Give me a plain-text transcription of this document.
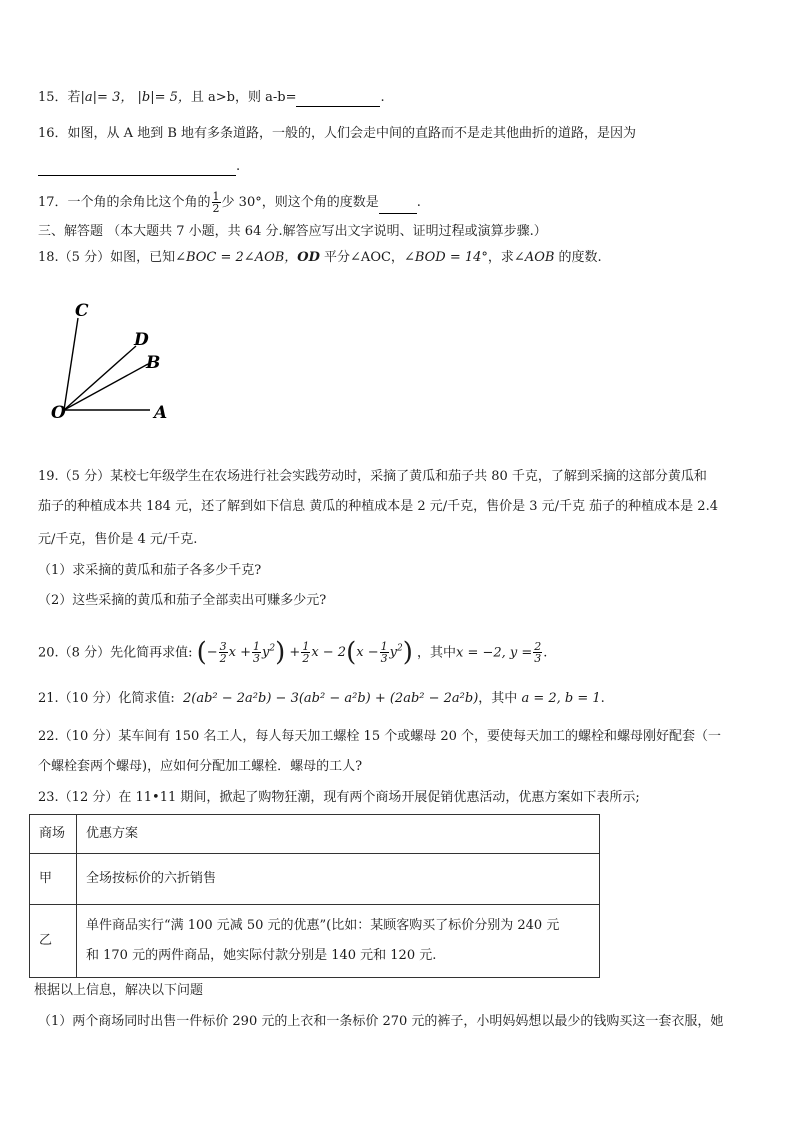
15．若|a|= 3， |b|= 5，且 a>b，则 a-b=	.
16．如图，从 A 地到 B 地有多条道路，一般的，人们会走中间的直路而不是走其他曲折的道路，是因为
.
17．一个角的余角比这个角的 $\frac{1}{2}$ 少 30°，则这个角的度数是	.
三、解答题 （本大题共 7 小题，共 64 分.解答应写出文字说明、证明过程或演算步骤.）
18.（5 分）如图，已知∠BOC = 2∠AOB，OD 平分∠AOC，∠BOD = 14°，求∠AOB 的度数.
C
D
B
O	A
19.（5 分）某校七年级学生在农场进行社会实践劳动时，采摘了黄瓜和茄子共 80 千克，了解到采摘的这部分黄瓜和
茄子的种植成本共 184 元，还了解到如下信息 黄瓜的种植成本是 2 元/千克，售价是 3 元/千克 茄子的种植成本是 2.4
元/千克，售价是 4 元/千克.
（1）求采摘的黄瓜和茄子各多少千克?
（2）这些采摘的黄瓜和茄子全部卖出可赚多少元?
20.（8 分）先化简再求值: (− $\frac{3}{2}$ $x + \frac{1}{3} y^2) + \frac{1}{2}$ $x - 2(x - \frac{1}{3} y^2)$ ，其中x = −2, $y = \frac{2}{3}$ .
21.（10 分）化简求值: 2(ab² − 2a²b) − 3(ab² − a²b) + (2ab² − 2a²b)，其中 a = 2, b = 1.
22.（10 分）某车间有 150 名工人，每人每天加工螺栓 15 个或螺母 20 个，要使每天加工的螺栓和螺母刚好配套（一
个螺栓套两个螺母)，应如何分配加工螺栓．螺母的工人?
23.（12 分）在 11•11 期间，掀起了购物狂潮，现有两个商场开展促销优惠活动，优惠方案如下表所示;
商场	优惠方案
甲	全场按标价的六折销售
乙	单件商品实行“满 100 元减 50 元的优惠”(比如：某顾客购买了标价分别为 240 元
和 170 元的两件商品，她实际付款分别是 140 元和 120 元.
根据以上信息，解决以下问题
（1）两个商场同时出售一件标价 290 元的上衣和一条标价 270 元的裤子，小明妈妈想以最少的钱购买这一套衣服，她
